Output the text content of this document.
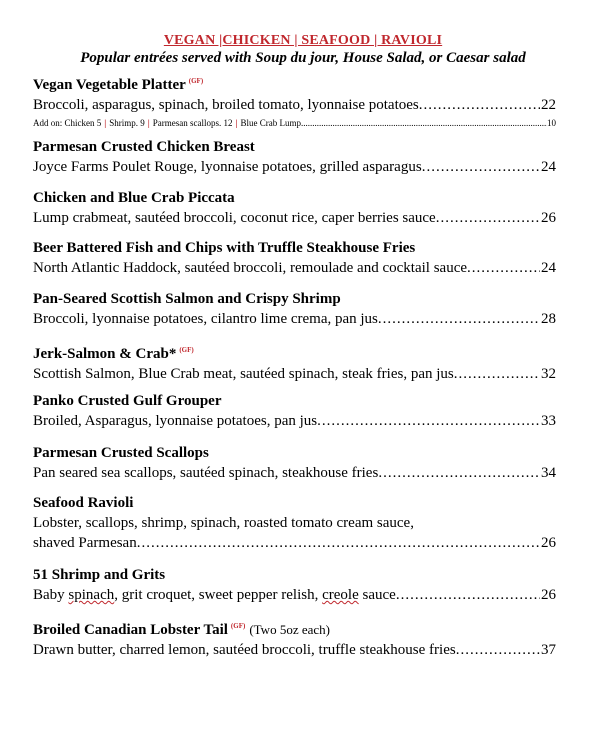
VEGAN |CHICKEN | SEAFOOD | RAVIOLI
Popular entrées served with Soup du jour, House Salad, or Caesar salad
Vegan Vegetable Platter $^{(GF)}$
Broccoli, asparagus, spinach, broiled tomato, lyonnaise potatoes .....	22
Add on: Chicken 5 | Shrimp. 9 | Parmesan scallops. 12 | Blue Crab Lump .....	10
Parmesan Crusted Chicken Breast
Joyce Farms Poulet Rouge, lyonnaise potatoes, grilled asparagus .....	24
Chicken and Blue Crab Piccata
Lump crabmeat, sautéed broccoli, coconut rice, caper berries sauce .....	26
Beer Battered Fish and Chips with Truffle Steakhouse Fries
North Atlantic Haddock, sautéed broccoli, remoulade and cocktail sauce .....	24
Pan-Seared Scottish Salmon and Crispy Shrimp
Broccoli, lyonnaise potatoes, cilantro lime crema, pan jus .....	28
Jerk-Salmon & Crab* $^{(GF)}$
Scottish Salmon, Blue Crab meat, sautéed spinach, steak fries, pan jus .....	32
Panko Crusted Gulf Grouper
Broiled, Asparagus, lyonnaise potatoes, pan jus .....	33
Parmesan Crusted Scallops
Pan seared sea scallops, sautéed spinach, steakhouse fries .....	34
Seafood Ravioli
Lobster, scallops, shrimp, spinach, roasted tomato cream sauce,
shaved Parmesan .....	26
51 Shrimp and Grits
Baby spinach, grit croquet, sweet pepper relish, creole sauce .....	26
Broiled Canadian Lobster Tail $^{(GF)}$ (Two 5oz each)
Drawn butter, charred lemon, sautéed broccoli, truffle steakhouse fries .....	37
